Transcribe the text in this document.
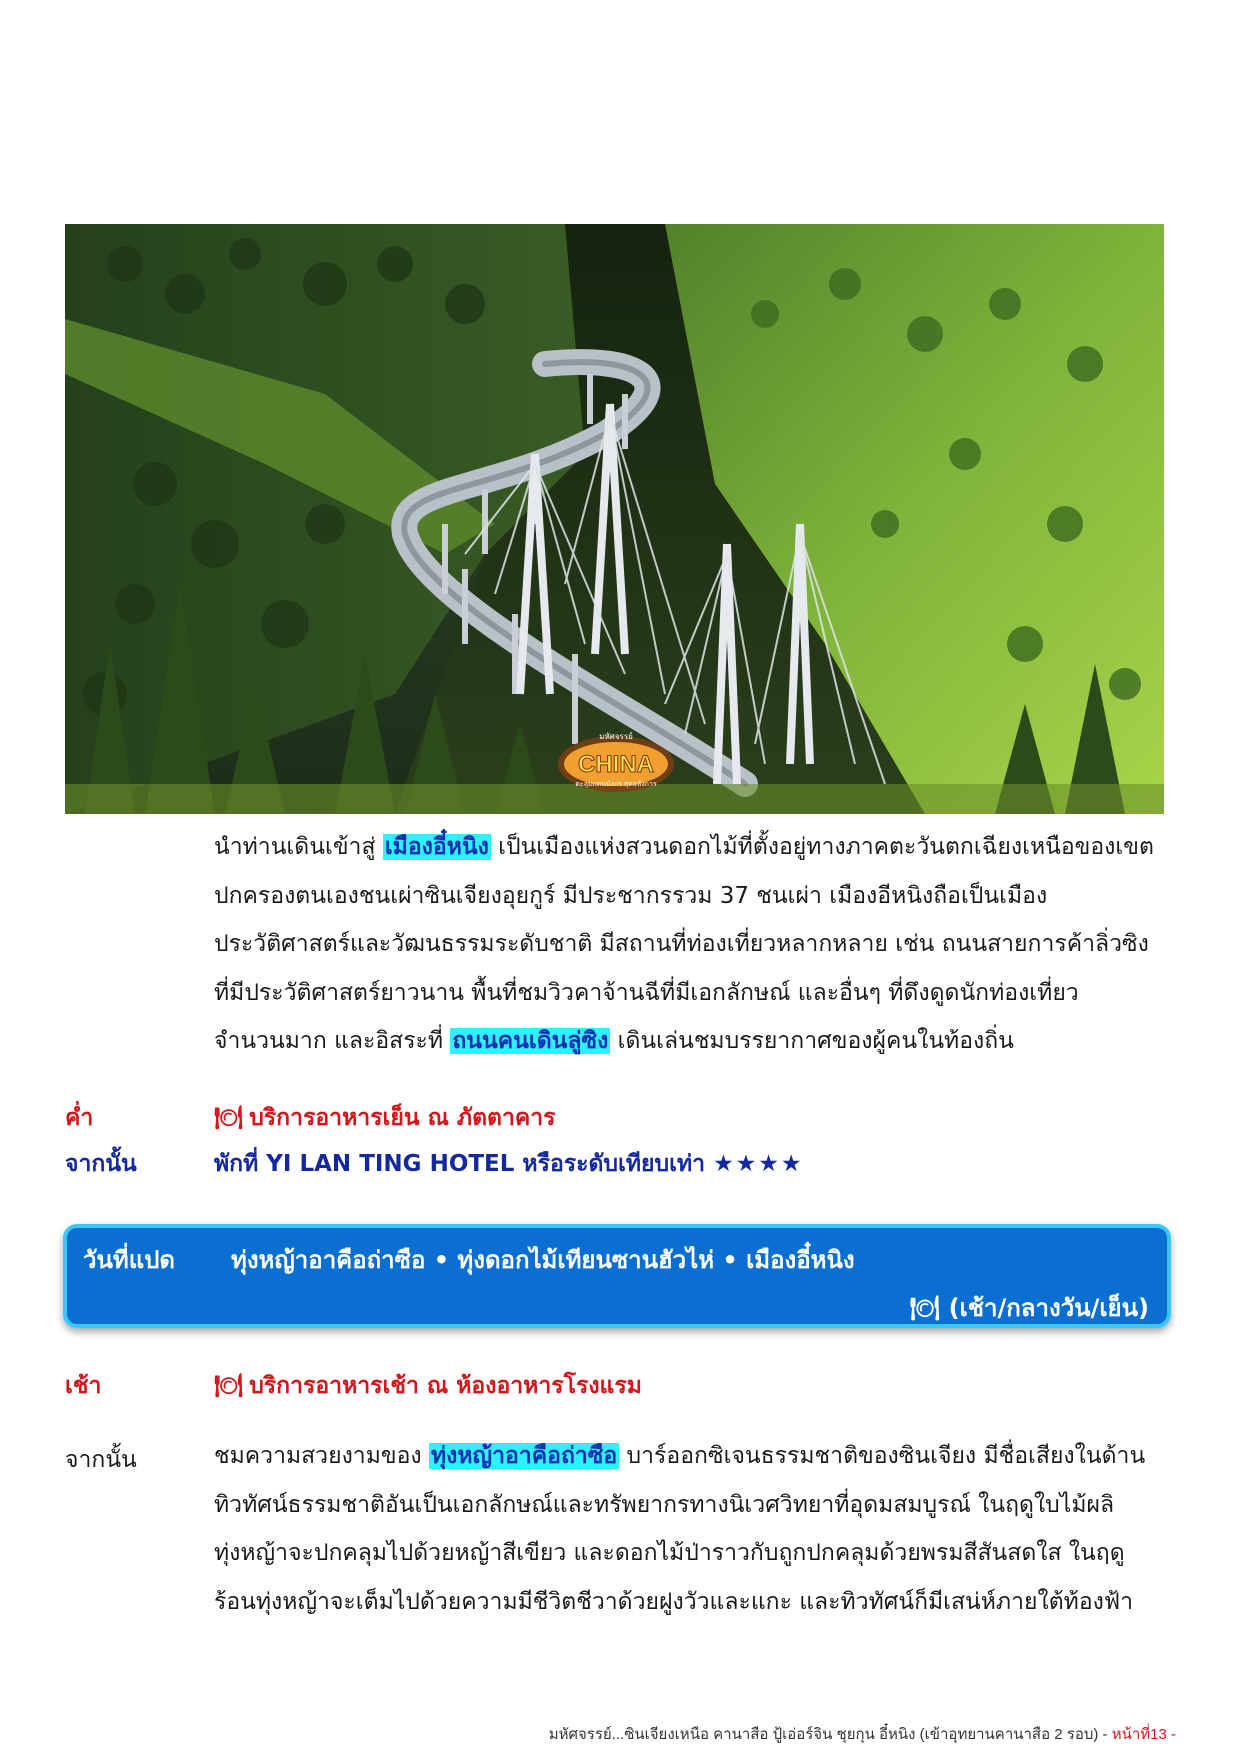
มหัศจรรย์
CHINA
ตะลุยแดนมังกร สุดอลังการ
นำท่านเดินเข้าสู่ เมืองอี๋หนิง เป็นเมืองแห่งสวนดอกไม้ที่ตั้งอยู่ทางภาคตะวันตกเฉียงเหนือของเขต
ปกครองตนเองชนเผ่าซินเจียงอุยกูร์ มีประชากรรวม 37 ชนเผ่า เมืองอีหนิงถือเป็นเมือง
ประวัติศาสตร์และวัฒนธรรมระดับชาติ มีสถานที่ท่องเที่ยวหลากหลาย เช่น ถนนสายการค้าลิ่วซิง
ที่มีประวัติศาสตร์ยาวนาน พื้นที่ชมวิวคาจ้านฉีที่มีเอกลักษณ์ และอื่นๆ ที่ดึงดูดนักท่องเที่ยว
จำนวนมาก และอิสระที่ ถนนคนเดินลู่ซิง เดินเล่นชมบรรยากาศของผู้คนในท้องถิ่น
ค่ำ	🍽 บริการอาหารเย็น ณ ภัตตาคาร
จากนั้น	พักที่ YI LAN TING HOTEL หรือระดับเทียบเท่า ★★★★
วันที่แปด ทุ่งหญ้าอาคือถ่าซือ • ทุ่งดอกไม้เทียนซานฮัวไห่ • เมืองอี๋หนิง
🍽 (เช้า/กลางวัน/เย็น)
เช้า	🍽 บริการอาหารเช้า ณ ห้องอาหารโรงแรม
จากนั้น	ชมความสวยงามของ ทุ่งหญ้าอาคือถ่าซือ บาร์ออกซิเจนธรรมชาติของซินเจียง มีชื่อเสียงในด้าน
ทิวทัศน์ธรรมชาติอันเป็นเอกลักษณ์และทรัพยากรทางนิเวศวิทยาที่อุดมสมบูรณ์ ในฤดูใบไม้ผลิ
ทุ่งหญ้าจะปกคลุมไปด้วยหญ้าสีเขียว และดอกไม้ป่าราวกับถูกปกคลุมด้วยพรมสีสันสดใส ในฤดู
ร้อนทุ่งหญ้าจะเต็มไปด้วยความมีชีวิตชีวาด้วยฝูงวัวและแกะ และทิวทัศน์ก็มีเสน่ห์ภายใต้ท้องฟ้า
มหัศจรรย์...ซินเจียงเหนือ คานาสือ ปู้เอ่อร์จิน ชุยกุน อี๋หนิง (เข้าอุทยานคานาสือ 2 รอบ) - หน้าที่13 -
